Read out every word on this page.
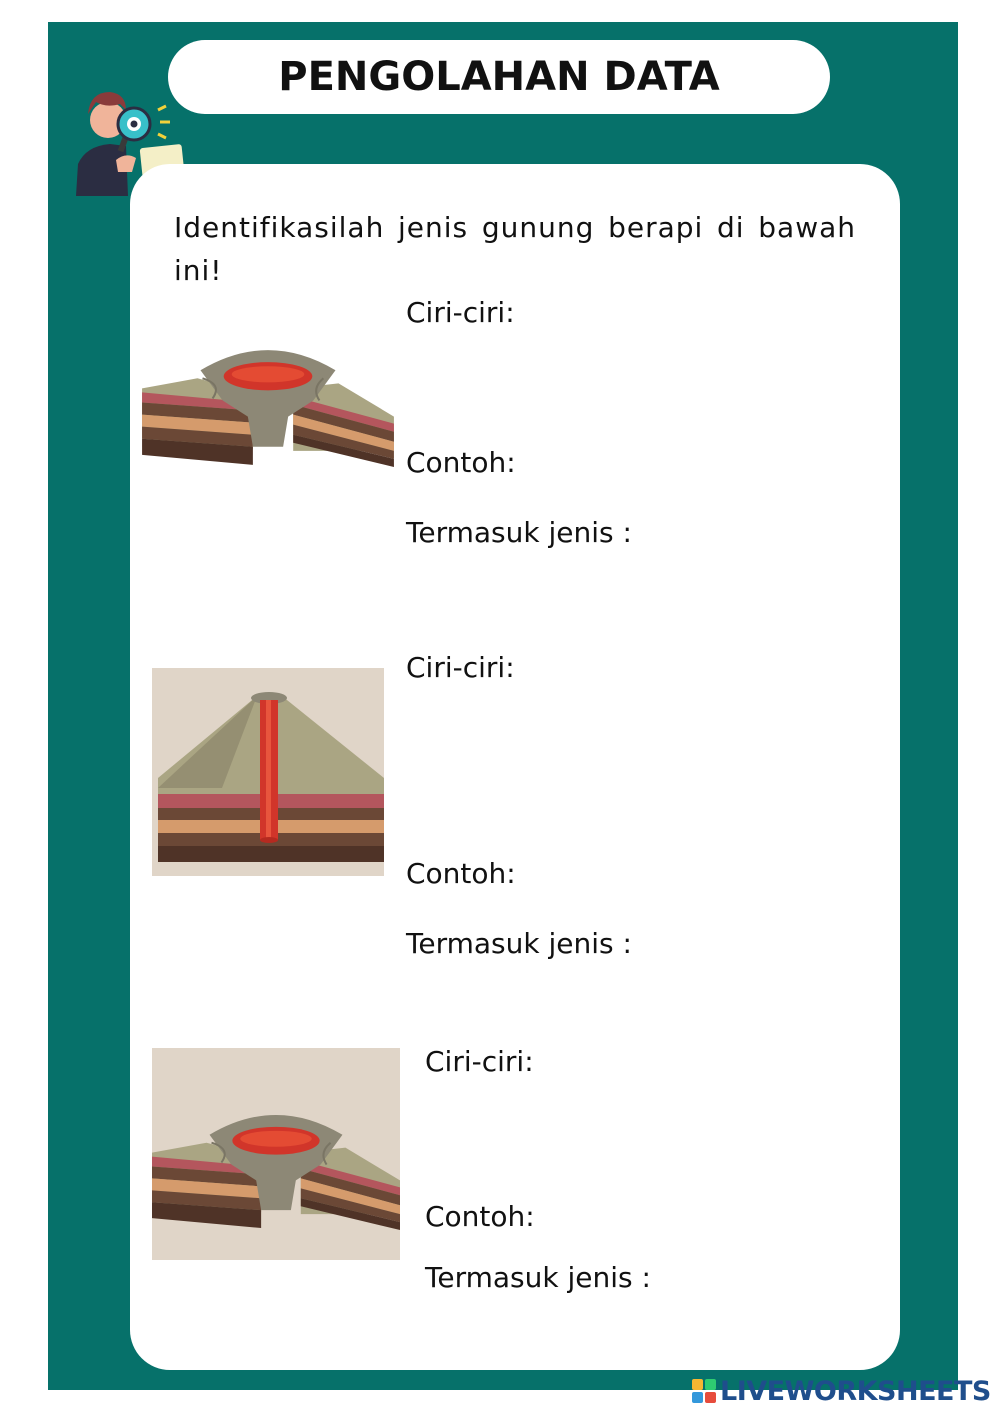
PENGOLAHAN DATA
Identifikasilah jenis gunung berapi di bawah ini!
Ciri-ciri:
Contoh:
Termasuk jenis :
Ciri-ciri:
Contoh:
Termasuk jenis :
Ciri-ciri:
Contoh:
Termasuk jenis :
LIVEWORKSHEETS
